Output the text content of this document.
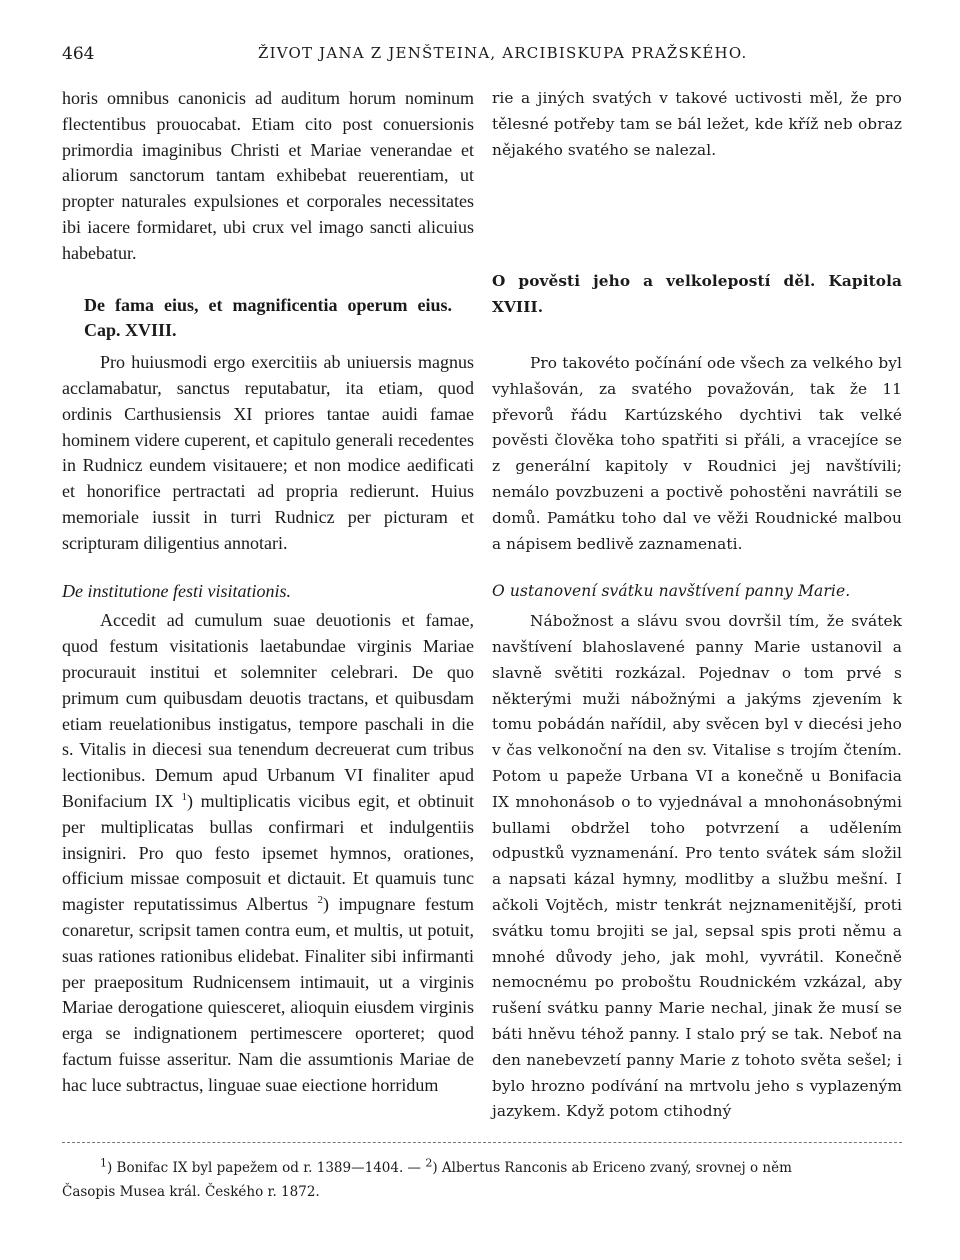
464	ŽIVOT JANA Z JENŠTEINA, ARCIBISKUPA PRAŽSKÉHO.

horis omnibus canonicis ad auditum horum nominum flectentibus prouocabat. Etiam cito post conuersionis primordia imaginibus Christi et Mariae venerandae et aliorum sanctorum tantam exhibebat reuerentiam, ut propter naturales expulsiones et corporales necessitates ibi iacere formidaret, ubi crux vel imago sancti alicuius habebatur.

De fama eius, et magnificentia operum eius. Cap. XVIII.

Pro huiusmodi ergo exercitiis ab uniuersis magnus acclamabatur, sanctus reputabatur, ita etiam, quod ordinis Carthusiensis XI priores tantae auidi famae hominem videre cuperent, et capitulo generali recedentes in Rudnicz eundem visitauere; et non modice aedificati et honorifice pertractati ad propria redierunt. Huius memoriale iussit in turri Rudnicz per picturam et scripturam diligentius annotari.

De institutione festi visitationis.

Accedit ad cumulum suae deuotionis et famae, quod festum visitationis laetabundae virginis Mariae procurauit institui et solemniter celebrari. De quo primum cum quibusdam deuotis tractans, et quibusdam etiam reuelationibus instigatus, tempore paschali in die s. Vitalis in diecesi sua tenendum decreuerat cum tribus lectionibus. Demum apud Urbanum VI finaliter apud Bonifacium IX $^1$) multiplicatis vicibus egit, et obtinuit per multiplicatas bullas confirmari et indulgentiis insigniri. Pro quo festo ipsemet hymnos, orationes, officium missae composuit et dictauit. Et quamuis tunc magister reputatissimus Albertus $^2$) impugnare festum conaretur, scripsit tamen contra eum, et multis, ut potuit, suas rationes rationibus elidebat. Finaliter sibi infirmanti per praepositum Rudnicensem intimauit, ut a virginis Mariae derogatione quiesceret, alioquin eiusdem virginis erga se indignationem pertimescere oporteret; quod factum fuisse asseritur. Nam die assumtionis Mariae de hac luce subtractus, linguae suae eiectione horridum

rie a jiných svatých v takové uctivosti měl, že pro tělesné potřeby tam se bál ležet, kde kříž neb obraz nějakého svatého se nalezal.

O pověsti jeho a velkolepostí děl. Kapitola XVIII.

Pro takovéto počínání ode všech za velkého byl vyhlašován, za svatého považován, tak že 11 převorů řádu Kartúzského dychtivi tak velké pověsti člověka toho spatřiti si přáli, a vracejíce se z generální kapitoly v Roudnici jej navštívili; nemálo povzbuzeni a poctivě pohostěni navrátili se domů. Památku toho dal ve věži Roudnické malbou a nápisem bedlivě zaznamenati.

O ustanovení svátku navštívení panny Marie.

Nábožnost a slávu svou dovršil tím, že svátek navštívení blahoslavené panny Marie ustanovil a slavně světiti rozkázal. Pojednav o tom prvé s některými muži nábožnými a jakýms zjevením k tomu pobádán nařídil, aby svěcen byl v diecési jeho v čas velkonoční na den sv. Vitalise s trojím čtením. Potom u papeže Urbana VI a konečně u Bonifacia IX mnohonásob o to vyjednával a mnohonásobnými bullami obdržel toho potvrzení a udělením odpustků vyznamenání. Pro tento svátek sám složil a napsati kázal hymny, modlitby a službu mešní. I ačkoli Vojtěch, mistr tenkrát nejznamenitější, proti svátku tomu brojiti se jal, sepsal spis proti němu a mnohé důvody jeho, jak mohl, vyvrátil. Konečně nemocnému po proboštu Roudnickém vzkázal, aby rušení svátku panny Marie nechal, jinak že musí se báti hněvu téhož panny. I stalo prý se tak. Neboť na den nanebevzetí panny Marie z tohoto světa sešel; i bylo hrozno podívání na mrtvolu jeho s vyplazeným jazykem. Když potom ctihodný

$^1$) Bonifac IX byl papežem od r. 1389—1404. — $^2$) Albertus Ranconis ab Ericeno zvaný, srovnej o něm

Časopis Musea král. Českého r. 1872.
